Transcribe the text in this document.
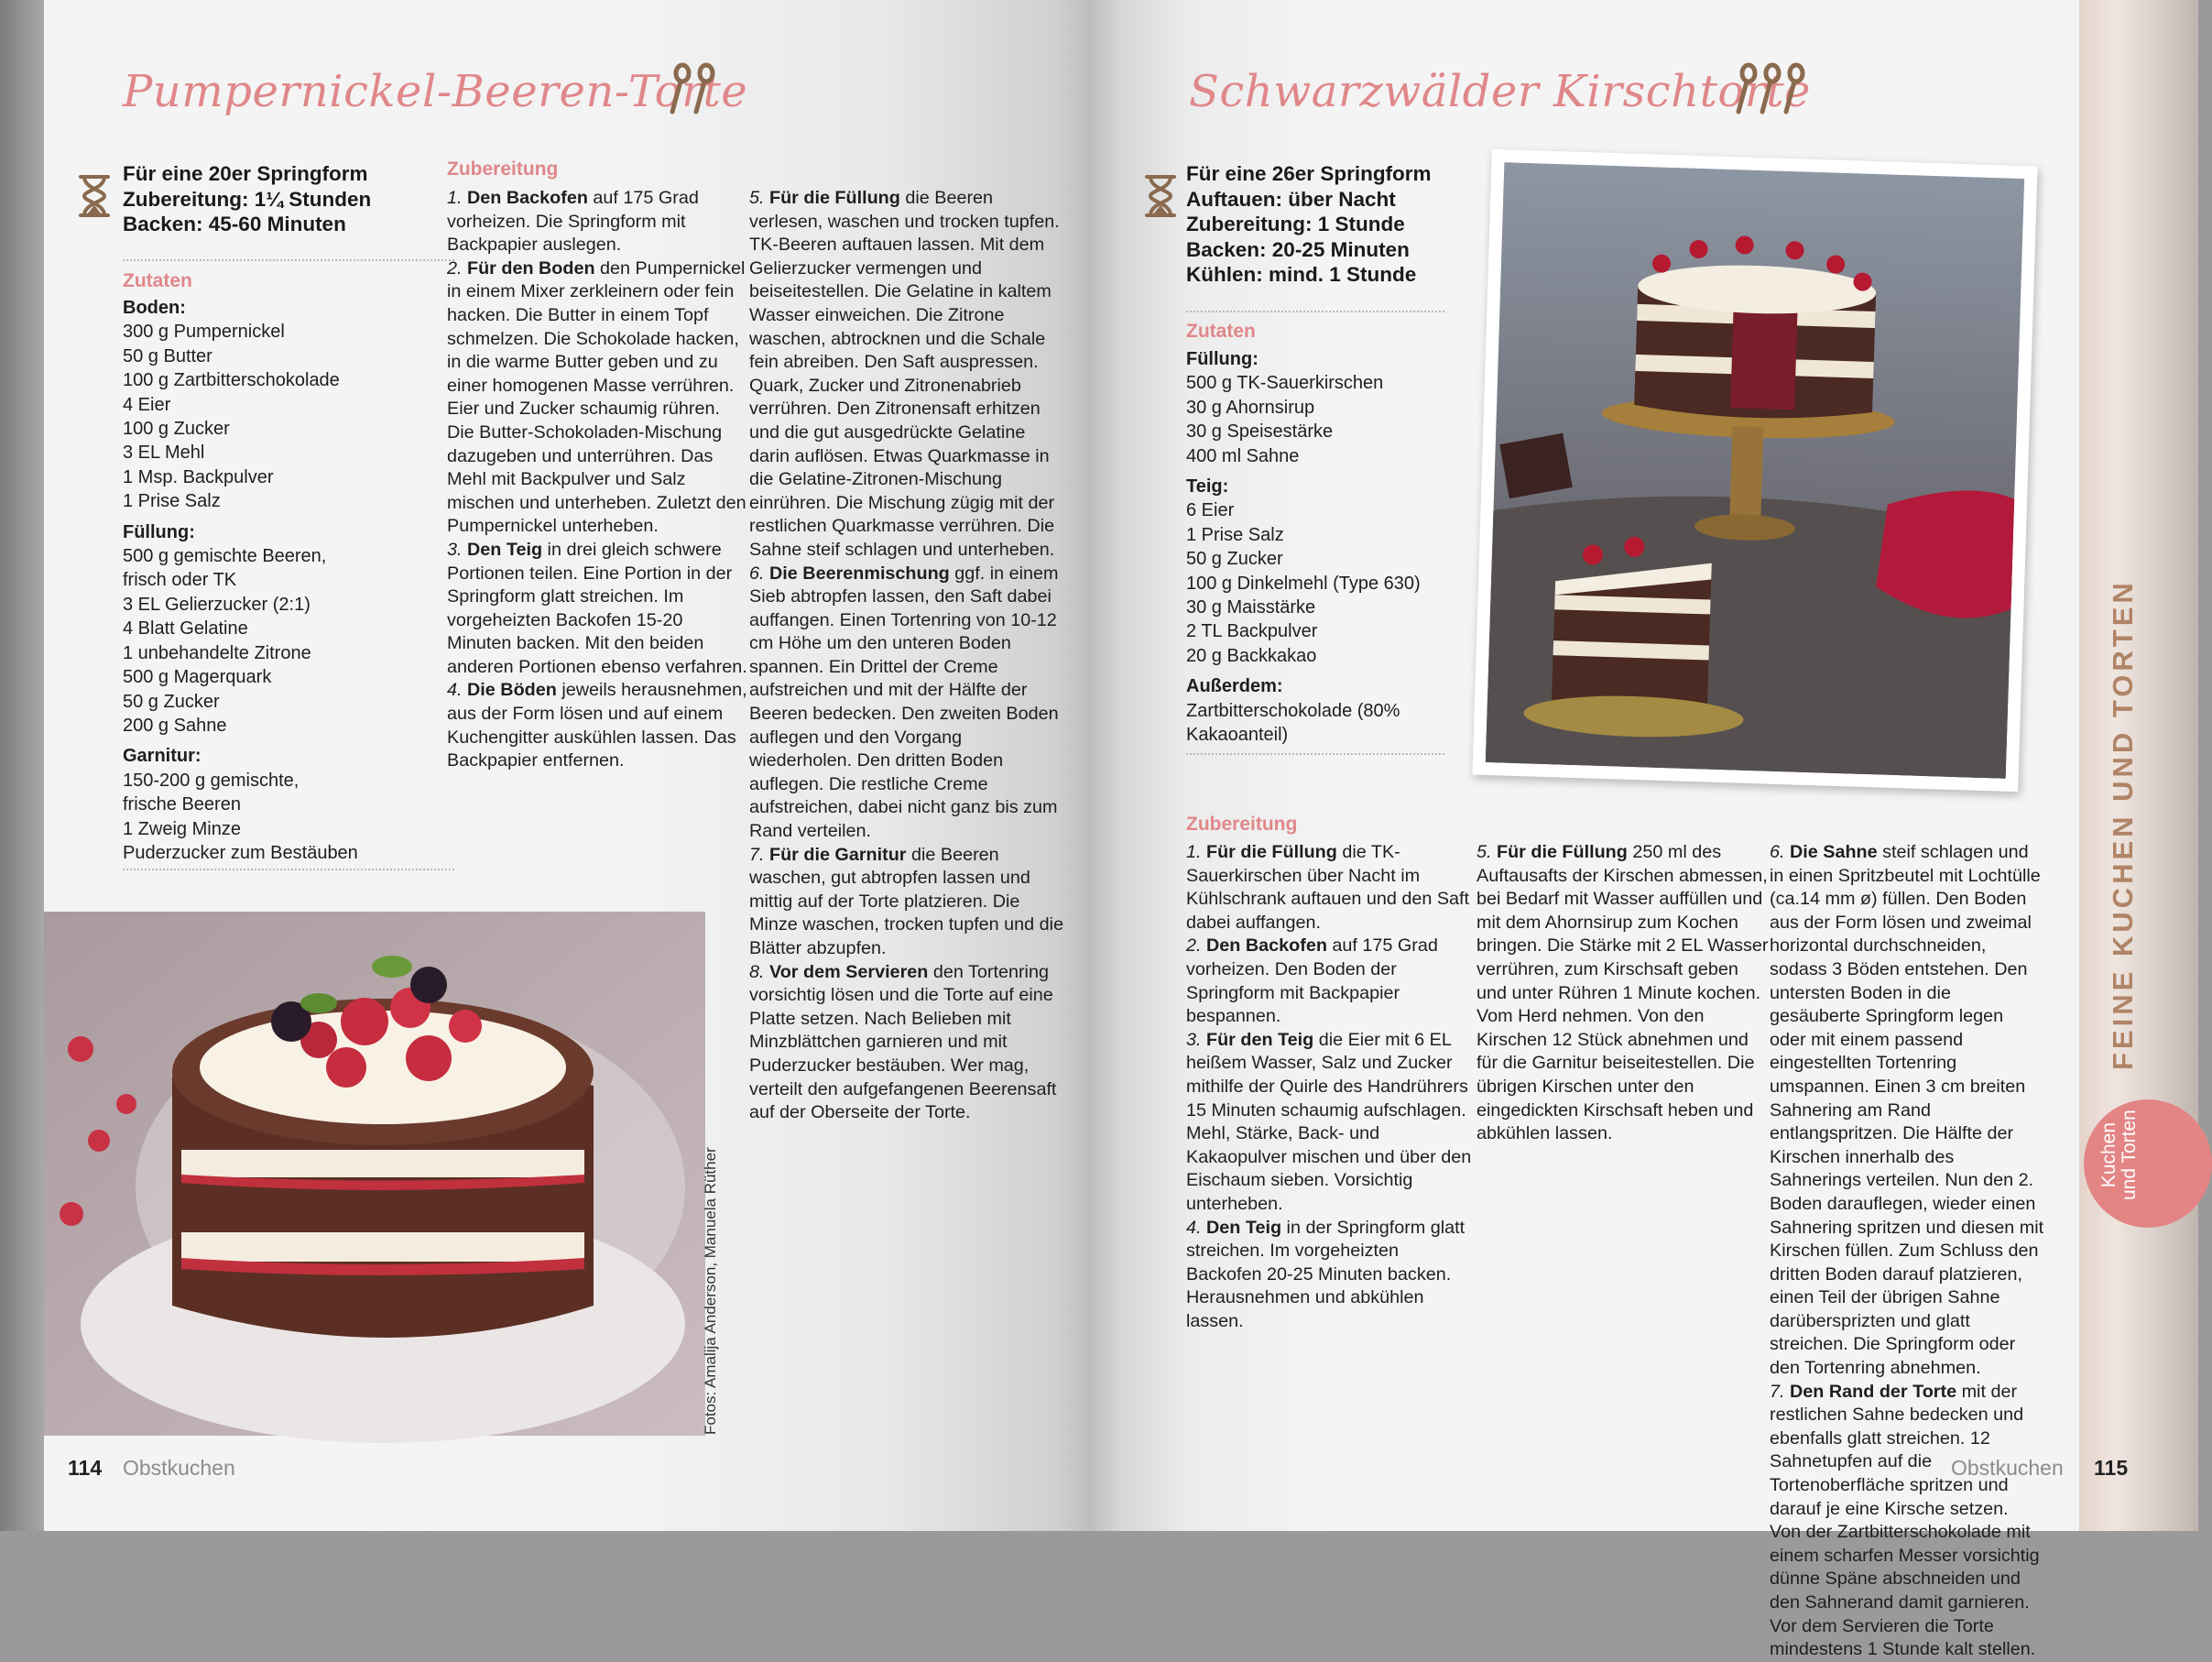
Pumpernickel-Beeren-Torte
Für eine 20er Springform
Zubereitung: 1¼ Stunden
Backen: 45-60 Minuten
Zutaten
Boden:
300 g Pumpernickel
50 g Butter
100 g Zartbitterschokolade
4 Eier
100 g Zucker
3 EL Mehl
1 Msp. Backpulver
1 Prise Salz
Füllung:
500 g gemischte Beeren,
frisch oder TK
3 EL Gelierzucker (2:1)
4 Blatt Gelatine
1 unbehandelte Zitrone
500 g Magerquark
50 g Zucker
200 g Sahne
Garnitur:
150-200 g gemischte,
frische Beeren
1 Zweig Minze
Puderzucker zum Bestäuben
Zubereitung

1. Den Backofen auf 175 Grad vorheizen. Die Springform mit Backpapier auslegen.

2. Für den Boden den Pumpernickel in einem Mixer zerkleinern oder fein hacken. Die Butter in einem Topf schmelzen. Die Schokolade hacken, in die warme Butter geben und zu einer homogenen Masse verrühren. Eier und Zucker schaumig rühren. Die Butter-Schokoladen-Mischung dazugeben und unterrühren. Das Mehl mit Backpulver und Salz mischen und unterheben. Zuletzt den Pumpernickel unterheben.

3. Den Teig in drei gleich schwere Portionen teilen. Eine Portion in der Springform glatt streichen. Im vorgeheizten Backofen 15-20 Minuten backen. Mit den beiden anderen Portionen ebenso verfahren.

4. Die Böden jeweils herausnehmen, aus der Form lösen und auf einem Kuchengitter auskühlen lassen. Das Backpapier entfernen.

5. Für die Füllung die Beeren verlesen, waschen und trocken tupfen. TK-Beeren auftauen lassen. Mit dem Gelierzucker vermengen und beiseitestellen. Die Gelatine in kaltem Wasser einweichen. Die Zitrone waschen, abtrocknen und die Schale fein abreiben. Den Saft auspressen. Quark, Zucker und Zitronenabrieb verrühren. Den Zitronensaft erhitzen und die gut ausgedrückte Gelatine darin auflösen. Etwas Quarkmasse in die Gelatine-Zitronen-Mischung einrühren. Die Mischung zügig mit der restlichen Quarkmasse verrühren. Die Sahne steif schlagen und unterheben.

6. Die Beerenmischung ggf. in einem Sieb abtropfen lassen, den Saft dabei auffangen. Einen Tortenring von 10-12 cm Höhe um den unteren Boden spannen. Ein Drittel der Creme aufstreichen und mit der Hälfte der Beeren bedecken. Den zweiten Boden auflegen und den Vorgang wiederholen. Den dritten Boden auflegen. Die restliche Creme aufstreichen, dabei nicht ganz bis zum Rand verteilen.

7. Für die Garnitur die Beeren waschen, gut abtropfen lassen und mittig auf der Torte platzieren. Die Minze waschen, trocken tupfen und die Blätter abzupfen.

8. Vor dem Servieren den Tortenring vorsichtig lösen und die Torte auf eine Platte setzen. Nach Belieben mit Minzblättchen garnieren und mit Puderzucker bestäuben. Wer mag, verteilt den aufgefangenen Beerensaft auf der Oberseite der Torte.

Fotos: Amalija Anderson, Manuela Rüther
114 Obstkuchen
Schwarzwälder Kirschtorte
Für eine 26er Springform
Auftauen: über Nacht
Zubereitung: 1 Stunde
Backen: 20-25 Minuten
Kühlen: mind. 1 Stunde
Zutaten
Füllung:
500 g TK-Sauerkirschen
30 g Ahornsirup
30 g Speisestärke
400 ml Sahne
Teig:
6 Eier
1 Prise Salz
50 g Zucker
100 g Dinkelmehl (Type 630)
30 g Maisstärke
2 TL Backpulver
20 g Backkakao
Außerdem:
Zartbitterschokolade (80%
Kakaoanteil)
Zubereitung

1. Für die Füllung die TK-Sauerkirschen über Nacht im Kühlschrank auftauen und den Saft dabei auffangen.

2. Den Backofen auf 175 Grad vorheizen. Den Boden der Springform mit Backpapier bespannen.

3. Für den Teig die Eier mit 6 EL heißem Wasser, Salz und Zucker mithilfe der Quirle des Handrührers 15 Minuten schaumig aufschlagen. Mehl, Stärke, Back- und Kakaopulver mischen und über den Eischaum sieben. Vorsichtig unterheben.

4. Den Teig in der Springform glatt streichen. Im vorgeheizten Backofen 20-25 Minuten backen. Herausnehmen und abkühlen lassen.

5. Für die Füllung 250 ml des Auftausafts der Kirschen abmessen, bei Bedarf mit Wasser auffüllen und mit dem Ahornsirup zum Kochen bringen. Die Stärke mit 2 EL Wasser verrühren, zum Kirschsaft geben und unter Rühren 1 Minute kochen. Vom Herd nehmen. Von den Kirschen 12 Stück abnehmen und für die Garnitur beiseitestellen. Die übrigen Kirschen unter den eingedickten Kirschsaft heben und abkühlen lassen.

6. Die Sahne steif schlagen und in einen Spritzbeutel mit Lochtülle (ca.14 mm ø) füllen. Den Boden aus der Form lösen und zweimal horizontal durchschneiden, sodass 3 Böden entstehen. Den untersten Boden in die gesäuberte Springform legen oder mit einem passend eingestellten Tortenring umspannen. Einen 3 cm breiten Sahnering am Rand entlangspritzen. Die Hälfte der Kirschen innerhalb des Sahnerings verteilen. Nun den 2. Boden darauflegen, wieder einen Sahnering spritzen und diesen mit Kirschen füllen. Zum Schluss den dritten Boden darauf platzieren, einen Teil der übrigen Sahne darübersprizten und glatt streichen. Die Springform oder den Tortenring abnehmen.

7. Den Rand der Torte mit der restlichen Sahne bedecken und ebenfalls glatt streichen. 12 Sahnetupfen auf die Tortenoberfläche spritzen und darauf je eine Kirsche setzen. Von der Zartbitterschokolade mit einem scharfen Messer vorsichtig dünne Späne abschneiden und den Sahnerand damit garnieren. Vor dem Servieren die Torte mindestens 1 Stunde kalt stellen.

Obstkuchen 115
FEINE KUCHEN UND TORTEN
Kuchen und Torten
